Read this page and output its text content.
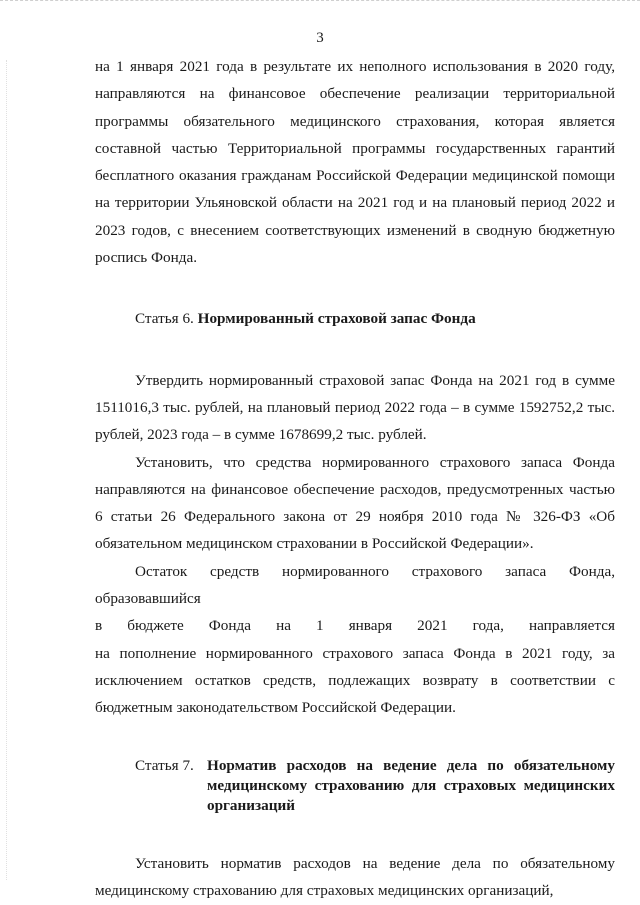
3

на 1 января 2021 года в результате их неполного использования в 2020 году, направляются на финансовое обеспечение реализации территориальной программы обязательного медицинского страхования, которая является составной частью Территориальной программы государственных гарантий бесплатного оказания гражданам Российской Федерации медицинской помощи на территории Ульяновской области на 2021 год и на плановый период 2022 и 2023 годов, с внесением соответствующих изменений в сводную бюджетную роспись Фонда.

Статья 6. Нормированный страховой запас Фонда

Утвердить нормированный страховой запас Фонда на 2021 год в сумме 1511016,3 тыс. рублей, на плановый период 2022 года – в сумме 1592752,2 тыс. рублей, 2023 года – в сумме 1678699,2 тыс. рублей.

Установить, что средства нормированного страхового запаса Фонда направляются на финансовое обеспечение расходов, предусмотренных частью 6 статьи 26 Федерального закона от 29 ноября 2010 года № 326-ФЗ «Об обязательном медицинском страховании в Российской Федерации».

Остаток средств нормированного страхового запаса Фонда, образовавшийся

в бюджете Фонда на 1 января 2021 года, направляется

на пополнение нормированного страхового запаса Фонда в 2021 году, за исключением остатков средств, подлежащих возврату в соответствии с бюджетным законодательством Российской Федерации.

Статья 7. Норматив расходов на ведение дела по обязательному медицинскому страхованию для страховых медицинских организаций

Установить норматив расходов на ведение дела по обязательному медицинскому страхованию для страховых медицинских организаций,
